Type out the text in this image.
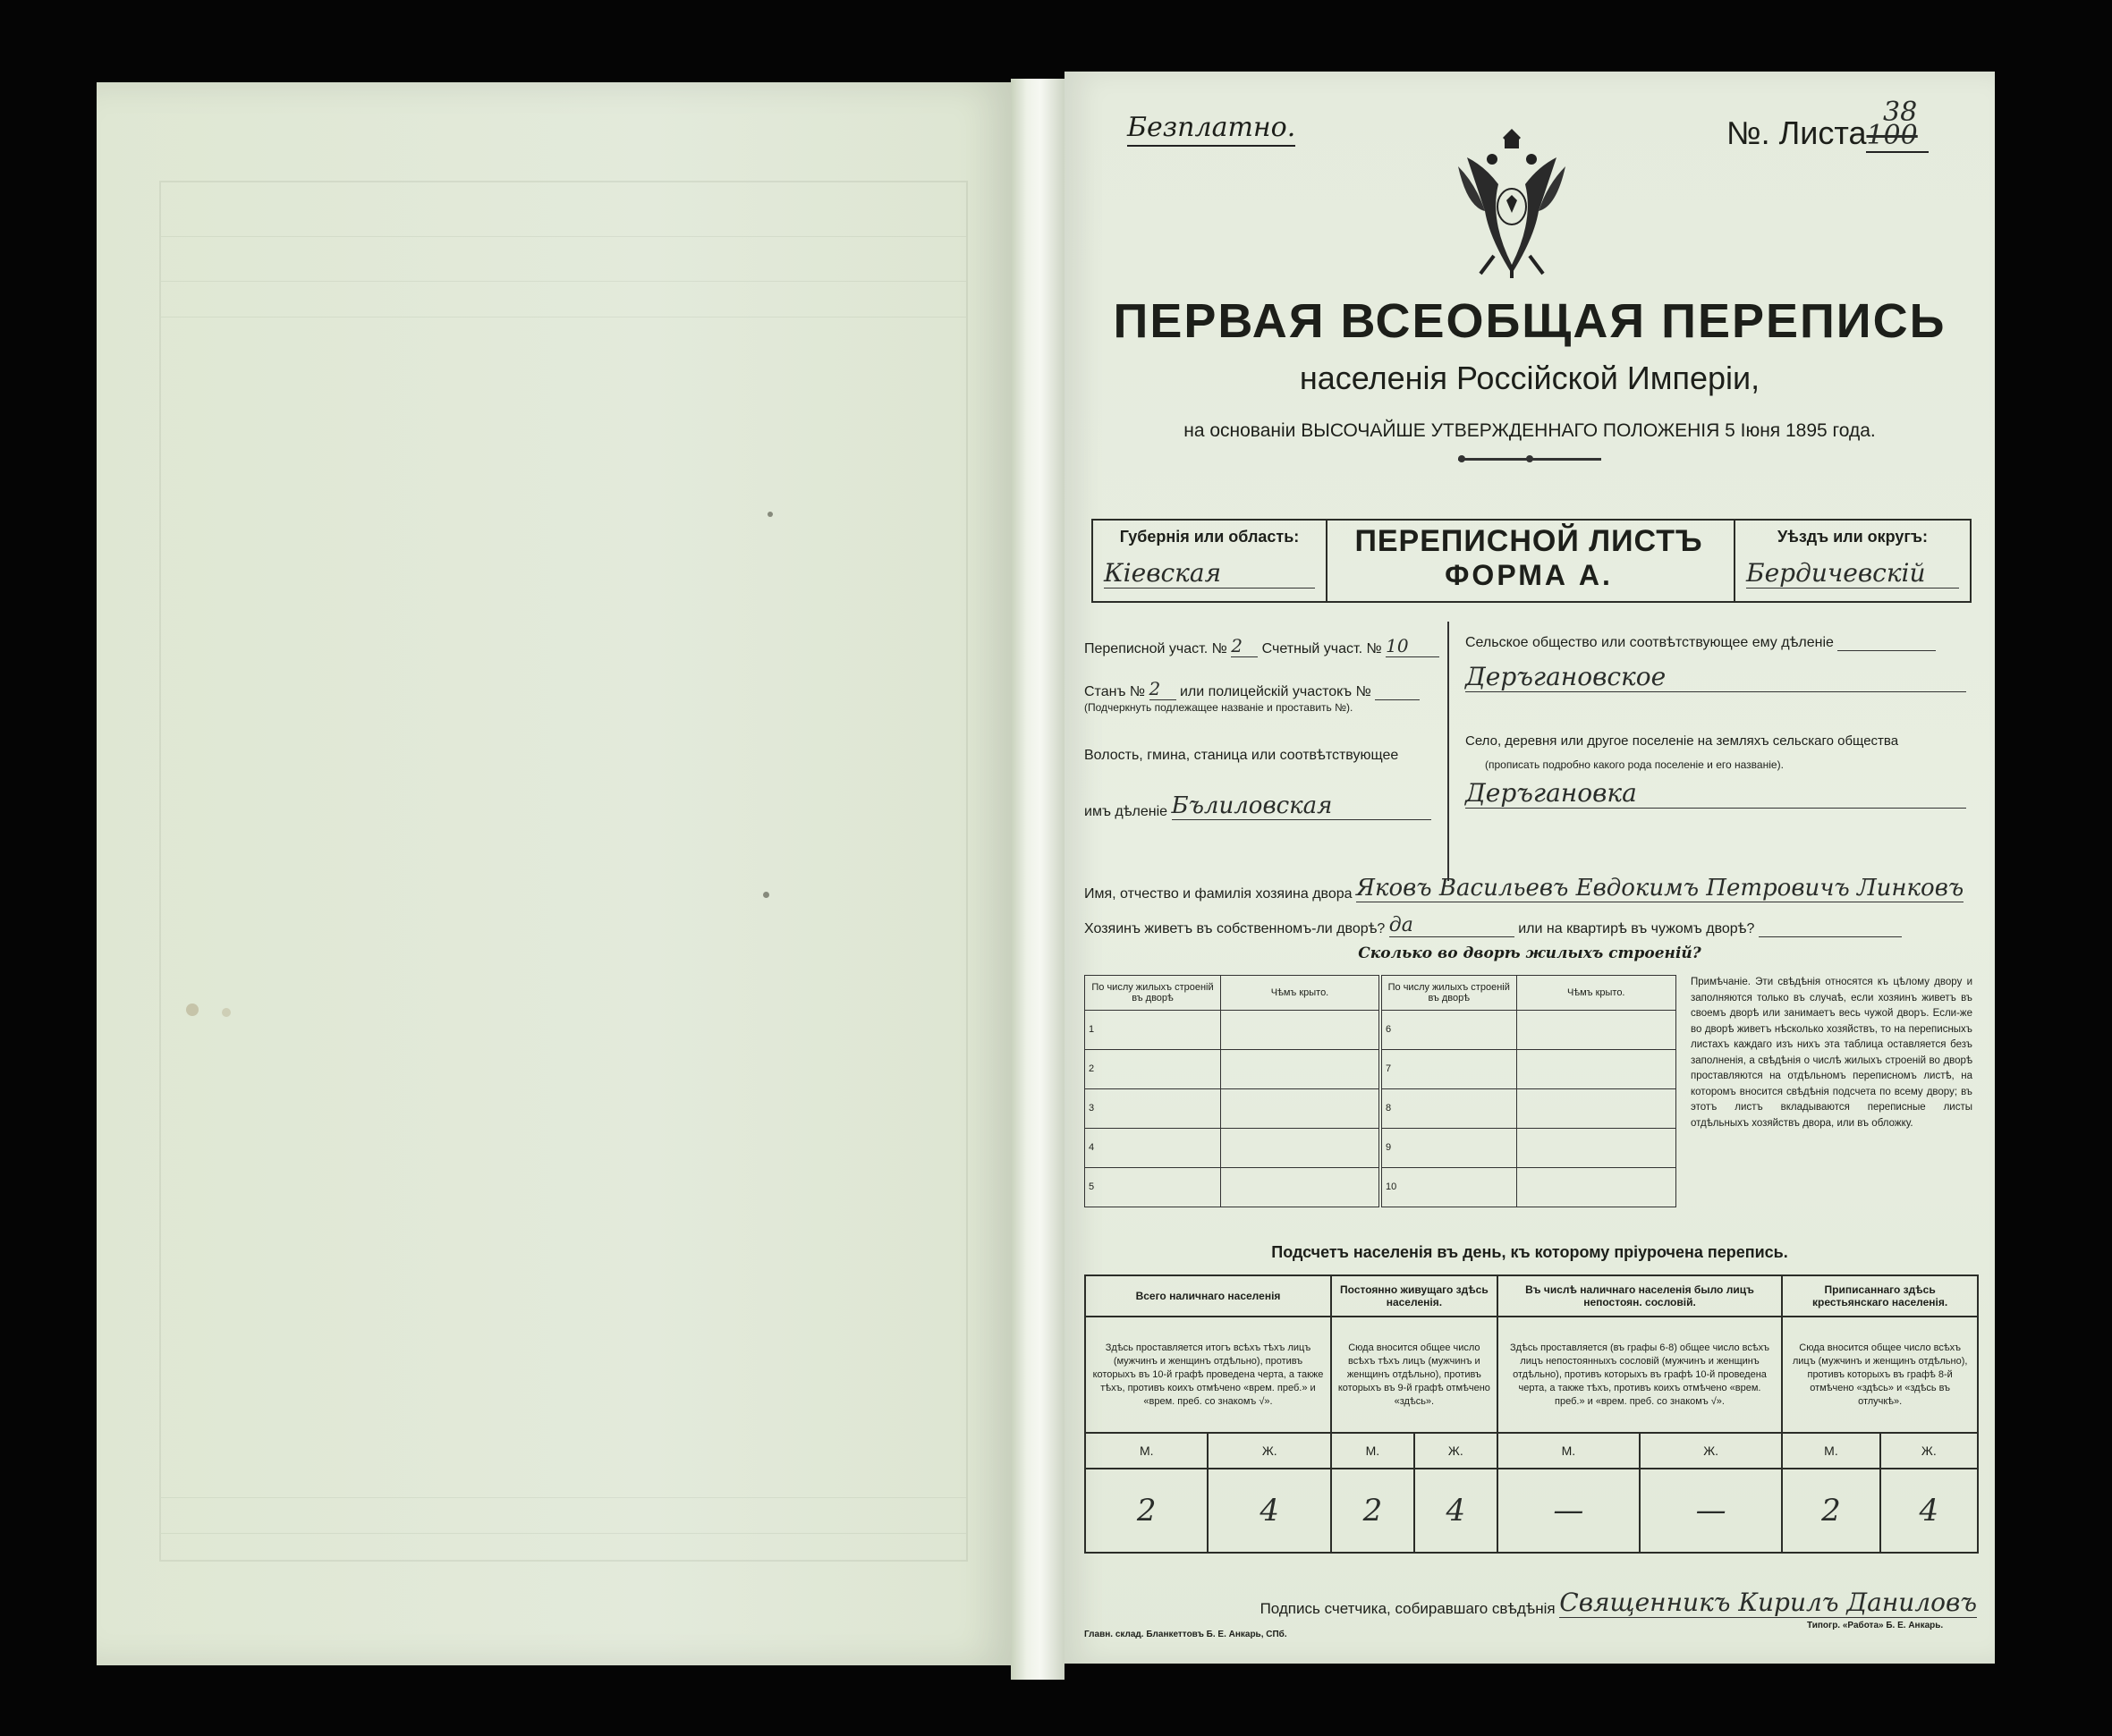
Безплатно.	№. Листа100
38
ПЕРВАЯ ВСЕОБЩАЯ ПЕРЕПИСЬ
населенія Россійской Имперіи,
на основаніи ВЫСОЧАЙШЕ УТВЕРЖДЕННАГО ПОЛОЖЕНІЯ 5 Іюня 1895 года.
Губернія или область:
Кіевская
ПЕРЕПИСНОЙ ЛИСТЪ
ФОРМА А.
Уѣздъ или округъ:
Бердичевскій
Переписной участ. № 2 Счетный участ. № 10
Станъ № 2 или полицейскій участокъ №
(Подчеркнуть подлежащее названіе и проставить №).
Волость, гмина, станица или соотвѣтствующее
имъ дѣленіе Бълиловская
Сельское общество или соотвѣтствующее ему дѣленіе
Деръгановское
Село, деревня или другое поселеніе на земляхъ сельскаго общества
(прописать подробно какого рода поселеніе и его названіе).
Деръгановка
Имя, отчество и фамилія хозяина двора Яковъ Васильевъ Евдокимъ Петровичъ Линковъ
Хозяинъ живетъ въ собственномъ-ли дворѣ? да	или на квартирѣ въ чужомъ дворѣ?
Сколько во дворѣ жилыхъ строеній?
По числу жилыхъ строеній въ дворѣ	Чѣмъ крыто.	По числу жилыхъ строеній въ дворѣ	Чѣмъ крыто.
1		6	
2		7	
3		8	
4		9	
5		10	
Примѣчаніе. Эти свѣдѣнія относятся къ цѣлому двору и заполняются только въ случаѣ, если хозяинъ живетъ въ своемъ дворѣ или занимаетъ весь чужой дворъ. Если-же во дворѣ живетъ нѣсколько хозяйствъ, то на переписныхъ листахъ каждаго изъ нихъ эта таблица оставляется безъ заполненія, а свѣдѣнія о числѣ жилыхъ строеній во дворѣ проставляются на отдѣльномъ переписномъ листѣ, на которомъ вносится свѣдѣнія подсчета по всему двору; въ этотъ листъ вкладываются переписные листы отдѣльныхъ хозяйствъ двора, или въ обложку.
Подсчетъ населенія въ день, къ которому пріурочена перепись.
Всего наличнаго населенія		Постоянно живущаго здѣсь населенія.		Въ числѣ наличнаго населенія было лицъ непостоян. сословій.		Приписаннаго здѣсь крестьянскаго населенія.	
Здѣсь проставляется итогъ всѣхъ тѣхъ лицъ (мужчинъ и женщинъ отдѣльно), противъ которыхъ въ 10-й графѣ проведена черта, а также тѣхъ, противъ коихъ отмѣчено «врем. преб.» и «врем. преб. со знакомъ √».		Сюда вносится общее число всѣхъ тѣхъ лицъ (мужчинъ и женщинъ отдѣльно), противъ которыхъ въ 9-й графѣ отмѣчено «здѣсь».		Здѣсь проставляется (въ графы 6-8) общее число всѣхъ лицъ непостоянныхъ сословій (мужчинъ и женщинъ отдѣльно), противъ которыхъ въ графѣ 10-й проведена черта, а также тѣхъ, противъ коихъ отмѣчено «врем. преб.» и «врем. преб. со знакомъ √».		Сюда вносится общее число всѣхъ лицъ (мужчинъ и женщинъ отдѣльно), противъ которыхъ въ графѣ 8-й отмѣчено «здѣсь» и «здѣсь въ отлучкѣ».	
М.	Ж.	М.	Ж.	М.	Ж.	М.	Ж.
2	4	2	4	—	—	2	4
Подпись счетчика, собиравшаго свѣдѣнія Священникъ Кирилъ Даниловъ
Главн. склад. Бланкеттовъ Б. Е. Анкарь, СПб.
Типогр. «Работа» Б. Е. Анкарь.
